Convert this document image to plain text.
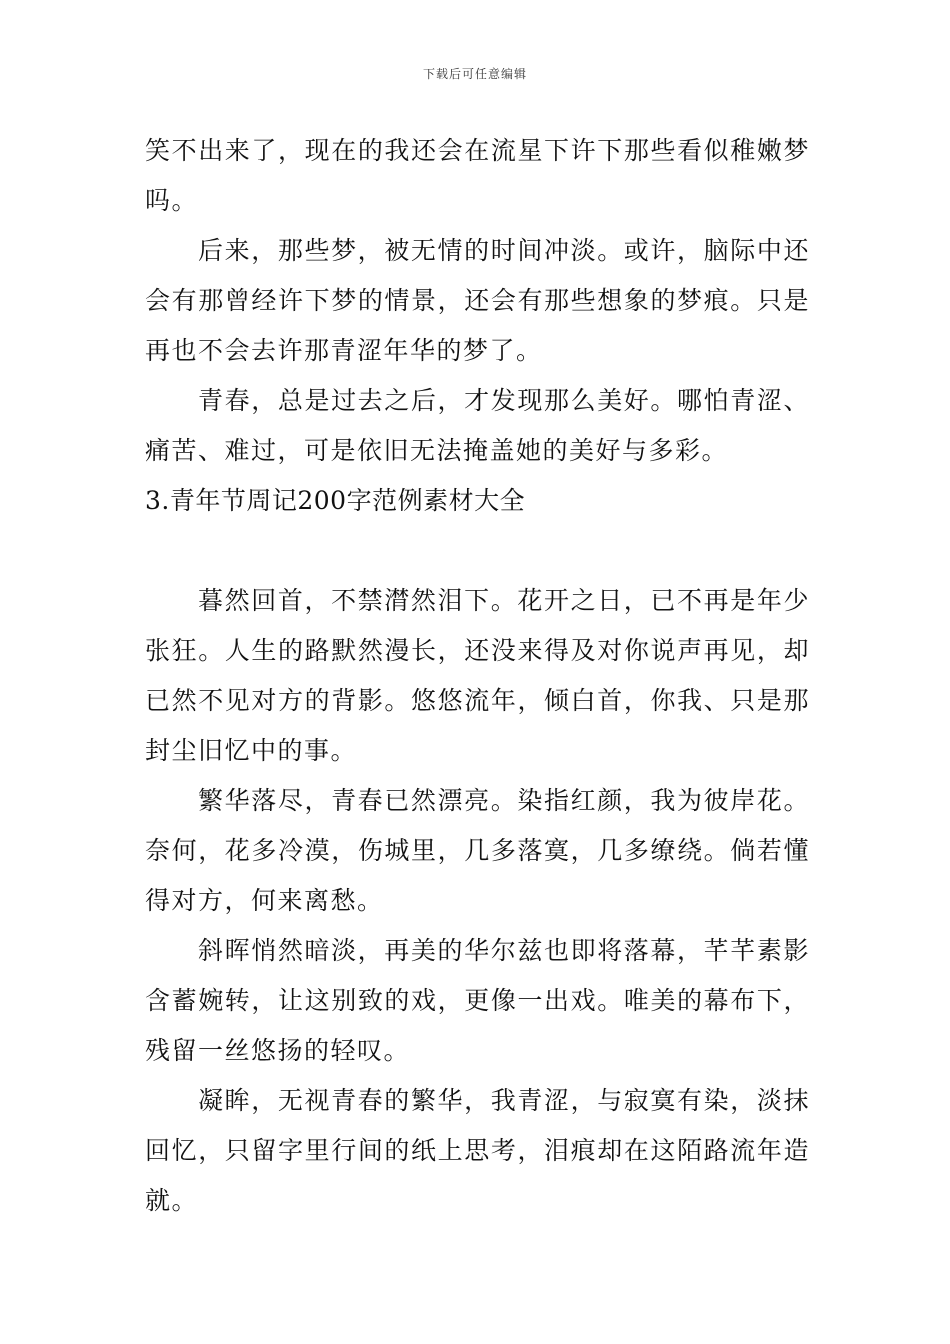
下载后可任意编辑

笑不出来了，现在的我还会在流星下许下那些看似稚嫩梦吗。

后来，那些梦，被无情的时间冲淡。或许，脑际中还会有那曾经许下梦的情景，还会有那些想象的梦痕。只是再也不会去许那青涩年华的梦了。

青春，总是过去之后，才发现那么美好。哪怕青涩、痛苦、难过，可是依旧无法掩盖她的美好与多彩。

3.青年节周记200字范例素材大全

暮然回首，不禁潸然泪下。花开之日，已不再是年少张狂。人生的路默然漫长，还没来得及对你说声再见，却已然不见对方的背影。悠悠流年，倾白首，你我、只是那封尘旧忆中的事。

繁华落尽，青春已然漂亮。染指红颜，我为彼岸花。奈何，花多冷漠，伤城里，几多落寞，几多缭绕。倘若懂得对方，何来离愁。

斜晖悄然暗淡，再美的华尔兹也即将落幕，芊芊素影含蓄婉转，让这别致的戏，更像一出戏。唯美的幕布下，残留一丝悠扬的轻叹。

凝眸，无视青春的繁华，我青涩，与寂寞有染，淡抹回忆，只留字里行间的纸上思考，泪痕却在这陌路流年造就。
